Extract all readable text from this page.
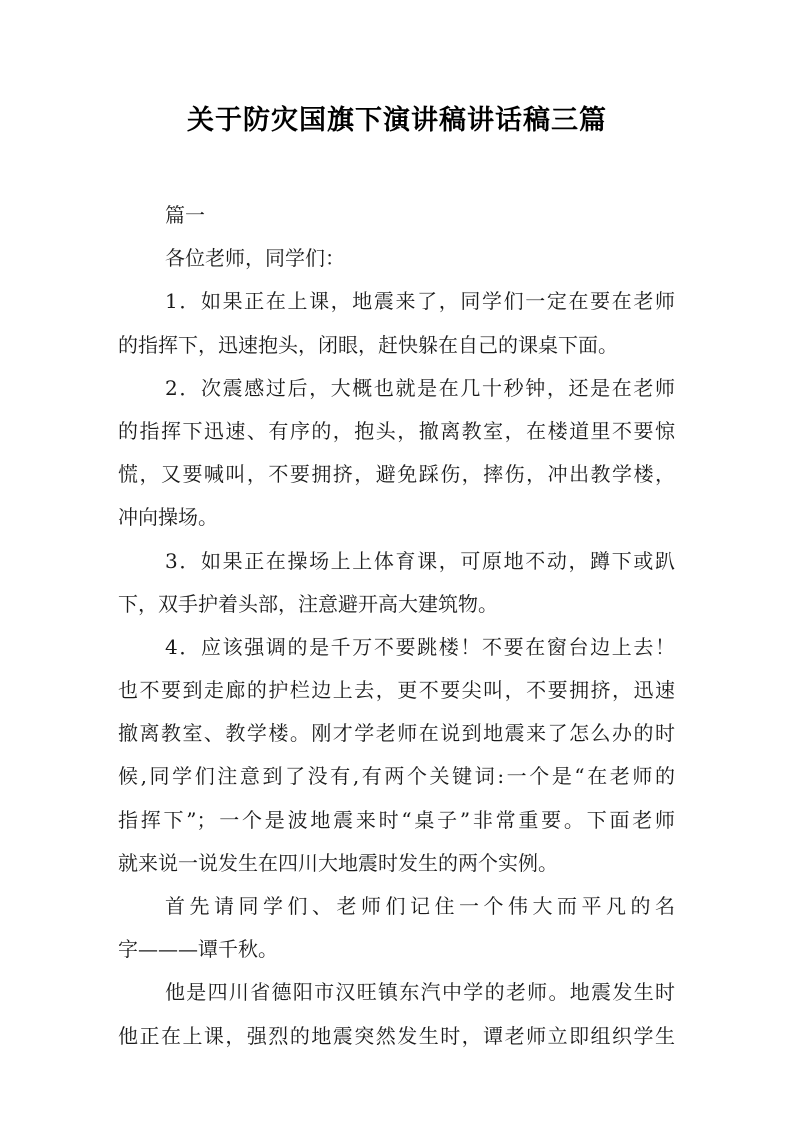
关于防灾国旗下演讲稿讲话稿三篇
篇一
各位老师，同学们：
1．如果正在上课，地震来了，同学们一定在要在老师
的指挥下，迅速抱头，闭眼，赶快躲在自己的课桌下面。
2．次震感过后，大概也就是在几十秒钟，还是在老师
的指挥下迅速、有序的，抱头，撤离教室，在楼道里不要惊
慌，又要喊叫，不要拥挤，避免踩伤，摔伤，冲出教学楼，
冲向操场。
3．如果正在操场上上体育课，可原地不动，蹲下或趴
下，双手护着头部，注意避开高大建筑物。
4．应该强调的是千万不要跳楼！不要在窗台边上去！
也不要到走廊的护栏边上去，更不要尖叫，不要拥挤，迅速
撤离教室、教学楼。刚才学老师在说到地震来了怎么办的时
候,同学们注意到了没有,有两个关键词:一个是“在老师的
指挥下”；一个是波地震来时“桌子”非常重要。下面老师
就来说一说发生在四川大地震时发生的两个实例。
首先请同学们、老师们记住一个伟大而平凡的名
字———谭千秋。
他是四川省德阳市汉旺镇东汽中学的老师。地震发生时
他正在上课，强烈的地震突然发生时，谭老师立即组织学生
